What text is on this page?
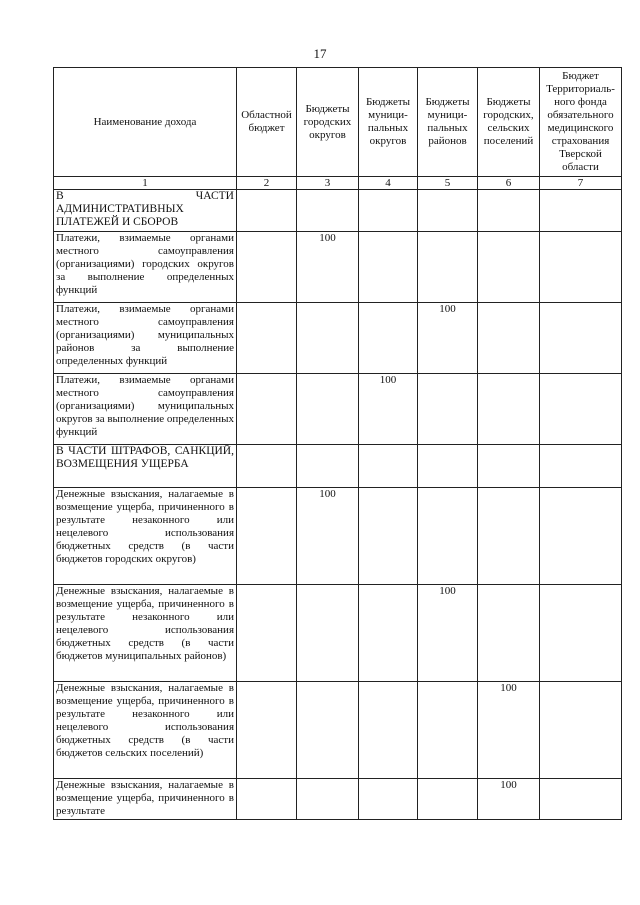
17
Наименование дохода	Областной бюджет	Бюджеты городских округов	Бюджеты муници-пальных округов	Бюджеты муници-пальных районов	Бюджеты городских, сельских поселений	Бюджет Территориаль-ного фонда обязательного медицинского страхования Тверской области
1	2	3	4	5	6	7
В ЧАСТИ АДМИНИСТРАТИВНЫХ ПЛАТЕЖЕЙ И СБОРОВ						
Платежи, взимаемые органами местного самоуправления (организациями) городских округов за выполнение определенных функций		100				
Платежи, взимаемые органами местного самоуправления (организациями) муниципальных районов за выполнение определенных функций				100		
Платежи, взимаемые органами местного самоуправления (организациями) муниципальных округов за выполнение определенных функций			100			
В ЧАСТИ ШТРАФОВ, САНКЦИЙ, ВОЗМЕЩЕНИЯ УЩЕРБА						
Денежные взыскания, налагаемые в возмещение ущерба, причиненного в результате незаконного или нецелевого использования бюджетных средств (в части бюджетов городских округов)		100				
Денежные взыскания, налагаемые в возмещение ущерба, причиненного в результате незаконного или нецелевого использования бюджетных средств (в части бюджетов муниципальных районов)				100		
Денежные взыскания, налагаемые в возмещение ущерба, причиненного в результате незаконного или нецелевого использования бюджетных средств (в части бюджетов сельских поселений)					100	
Денежные взыскания, налагаемые в возмещение ущерба, причиненного в результате					100	
